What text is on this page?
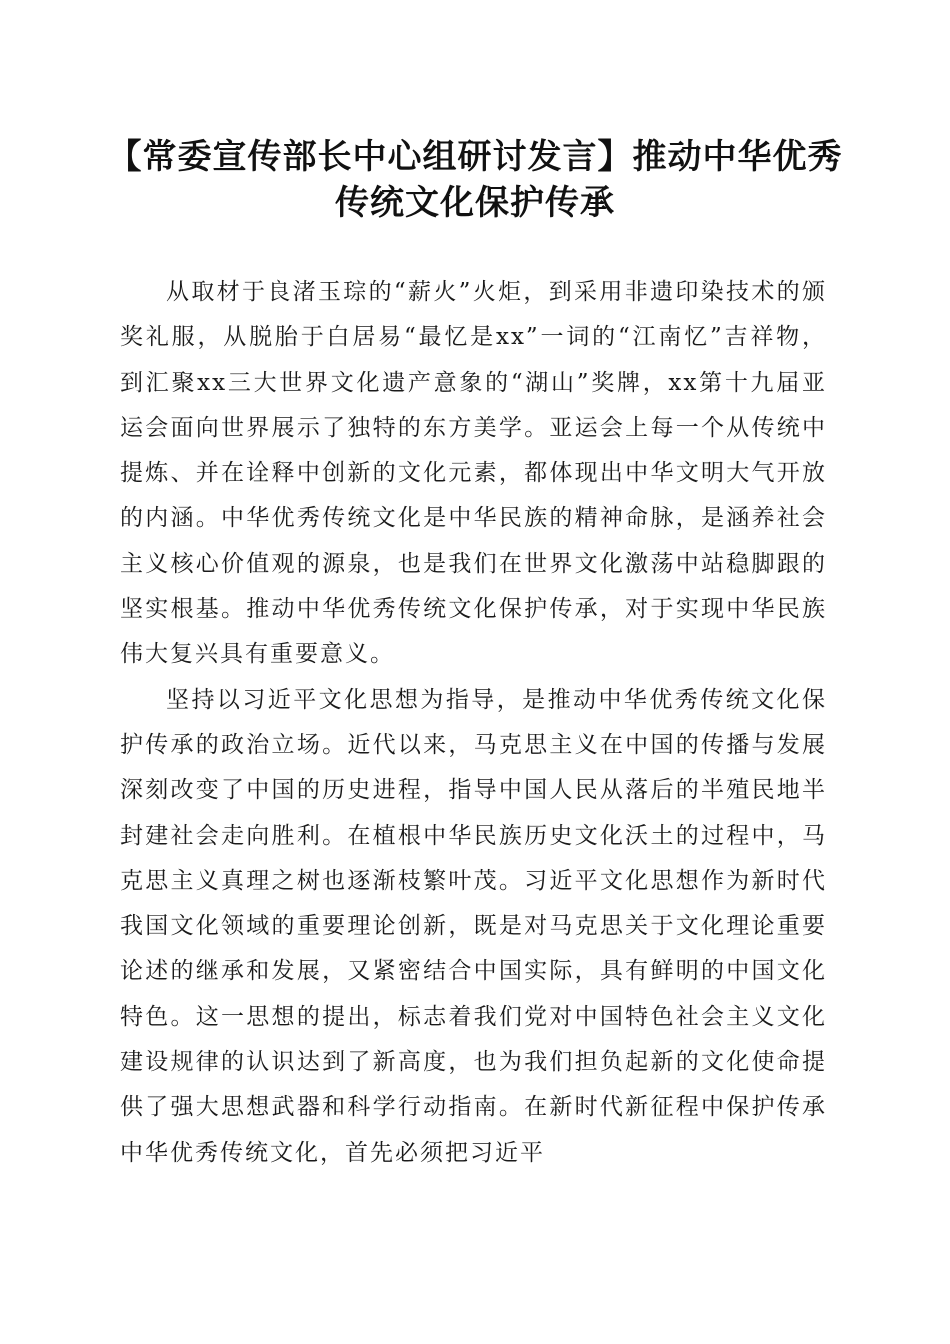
【常委宣传部长中心组研讨发言】推动中华优秀传统文化保护传承

从取材于良渚玉琮的“薪火”火炬，到采用非遗印染技术的颁奖礼服，从脱胎于白居易“最忆是xx”一词的“江南忆”吉祥物，到汇聚xx三大世界文化遗产意象的“湖山”奖牌，xx第十九届亚运会面向世界展示了独特的东方美学。亚运会上每一个从传统中提炼、并在诠释中创新的文化元素，都体现出中华文明大气开放的内涵。中华优秀传统文化是中华民族的精神命脉，是涵养社会主义核心价值观的源泉，也是我们在世界文化激荡中站稳脚跟的坚实根基。推动中华优秀传统文化保护传承，对于实现中华民族伟大复兴具有重要意义。

坚持以习近平文化思想为指导，是推动中华优秀传统文化保护传承的政治立场。近代以来，马克思主义在中国的传播与发展深刻改变了中国的历史进程，指导中国人民从落后的半殖民地半封建社会走向胜利。在植根中华民族历史文化沃土的过程中，马克思主义真理之树也逐渐枝繁叶茂。习近平文化思想作为新时代我国文化领域的重要理论创新，既是对马克思关于文化理论重要论述的继承和发展，又紧密结合中国实际，具有鲜明的中国文化特色。这一思想的提出，标志着我们党对中国特色社会主义文化建设规律的认识达到了新高度，也为我们担负起新的文化使命提供了强大思想武器和科学行动指南。在新时代新征程中保护传承中华优秀传统文化，首先必须把习近平
